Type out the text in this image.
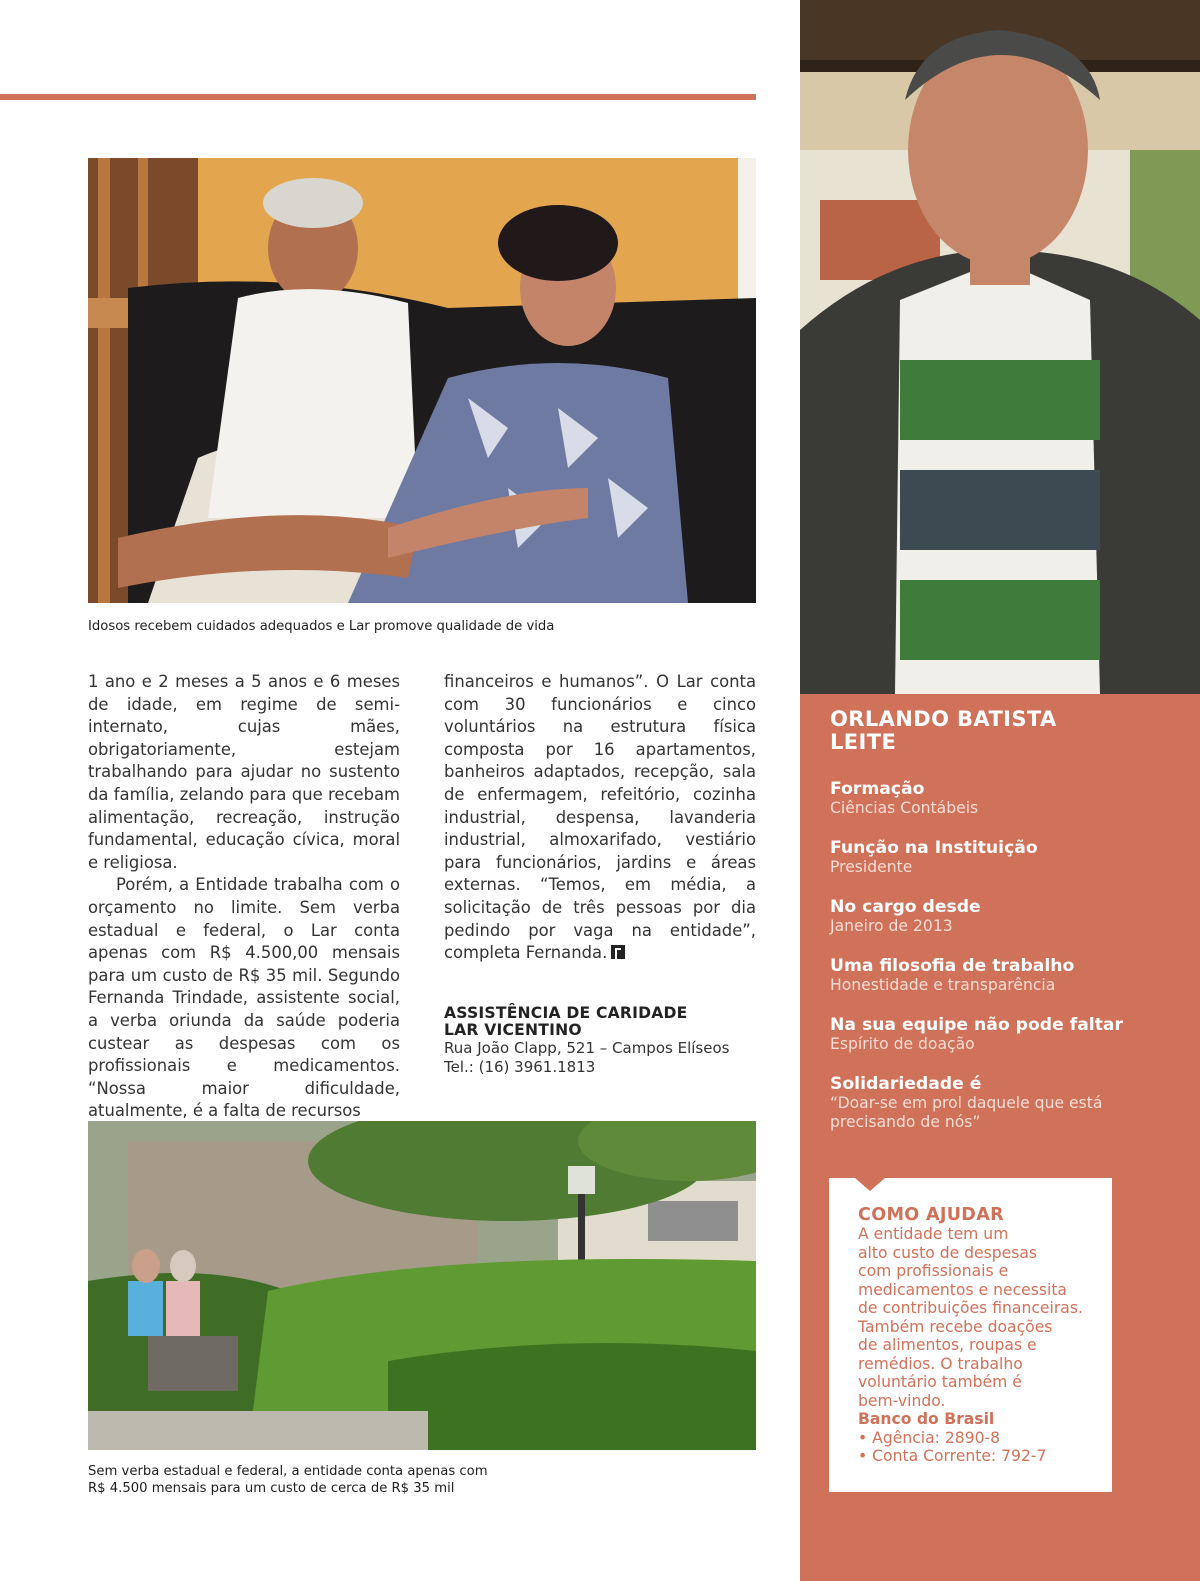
Idosos recebem cuidados adequados e Lar promove qualidade de vida

1 ano e 2 meses a 5 anos e 6 meses de idade, em regime de semi-internato, cujas mães, obrigatoriamente, estejam trabalhando para ajudar no sustento da família, zelando para que recebam alimentação, recreação, instrução fundamental, educação cívica, moral e religiosa.

Porém, a Entidade trabalha com o orçamento no limite. Sem verba estadual e federal, o Lar conta apenas com R$ 4.500,00 mensais para um custo de R$ 35 mil. Segundo Fernanda Trindade, assistente social, a verba oriunda da saúde poderia custear as despesas com os profissionais e medicamentos. “Nossa maior dificuldade, atualmente, é a falta de recursos

financeiros e humanos”. O Lar conta com 30 funcionários e cinco voluntários na estrutura física composta por 16 apartamentos, banheiros adaptados, recepção, sala de enfermagem, refeitório, cozinha industrial, despensa, lavanderia industrial, almoxarifado, vestiário para funcionários, jardins e áreas externas. “Temos, em média, a solicitação de três pessoas por dia pedindo por vaga na entidade”, completa Fernanda.

ASSISTÊNCIA DE CARIDADE

LAR VICENTINO

Rua João Clapp, 521 – Campos Elíseos

Tel.: (16) 3961.1813

Sem verba estadual e federal, a entidade conta apenas com
R$ 4.500 mensais para um custo de cerca de R$ 35 mil
ORLANDO BATISTA
LEITE

Formação

Ciências Contábeis

Função na Instituição

Presidente

No cargo desde

Janeiro de 2013

Uma filosofia de trabalho

Honestidade e transparência

Na sua equipe não pode faltar

Espírito de doação

Solidariedade é

“Doar-se em prol daquele que está

precisando de nós”

COMO AJUDAR

A entidade tem um

alto custo de despesas

com profissionais e

medicamentos e necessita

de contribuições financeiras.

Também recebe doações

de alimentos, roupas e

remédios. O trabalho

voluntário também é

bem-vindo.

Banco do Brasil

• Agência: 2890-8

• Conta Corrente: 792-7
